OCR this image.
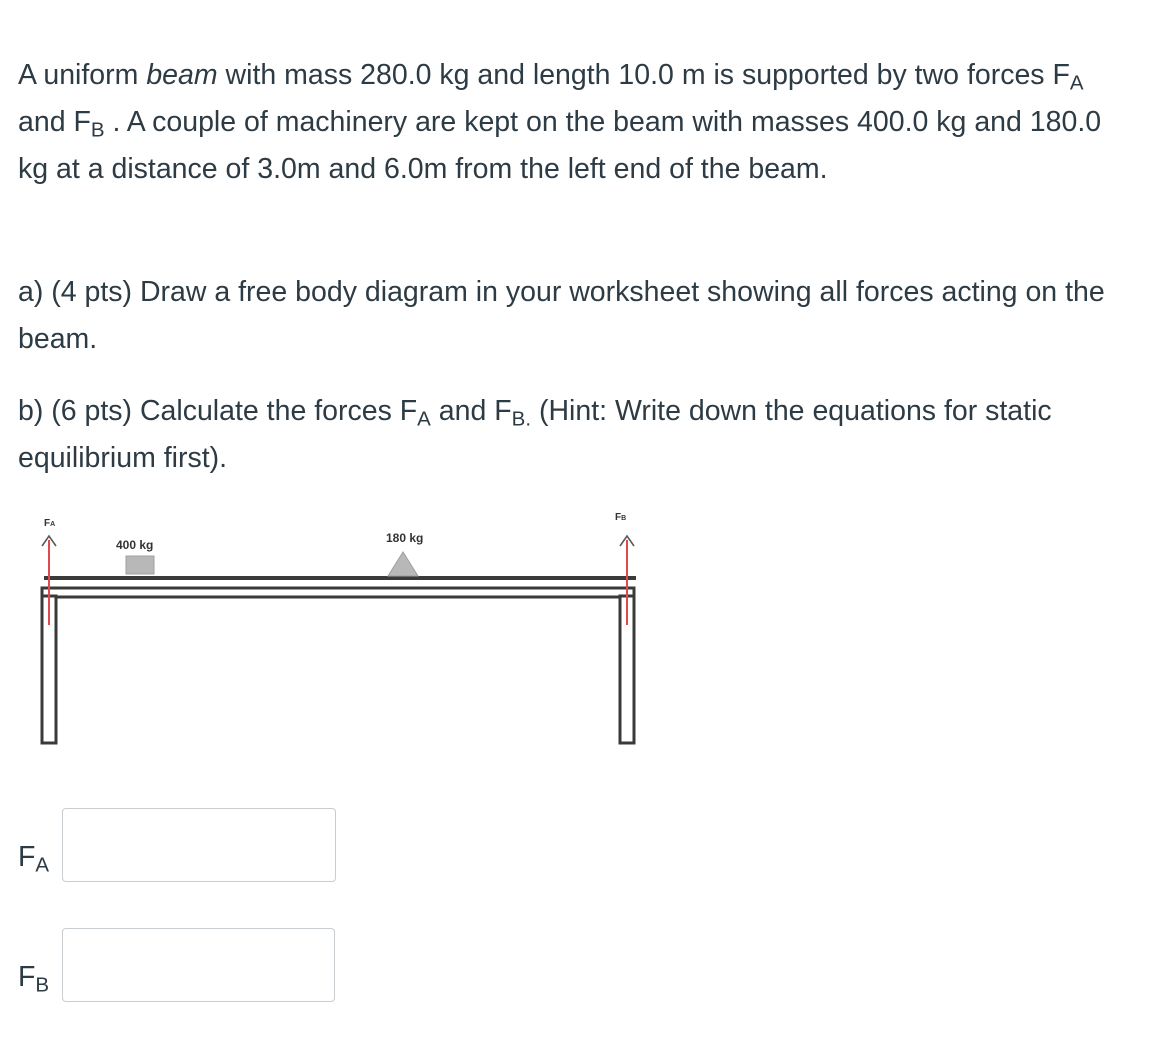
A uniform beam with mass 280.0 kg and length 10.0 m is supported by two forces $F_A$ and $F_B$ . A couple of machinery are kept on the beam with masses 400.0 kg and 180.0 kg at a distance of 3.0m and 6.0m from the left end of the beam.

a) (4 pts) Draw a free body diagram in your worksheet showing all forces acting on the beam.

b) (6 pts) Calculate the forces $F_A$ and $F_{B.}$ (Hint: Write down the equations for static equilibrium first).

FA
FB
400 kg	180 kg
$F_A$
$F_B$
